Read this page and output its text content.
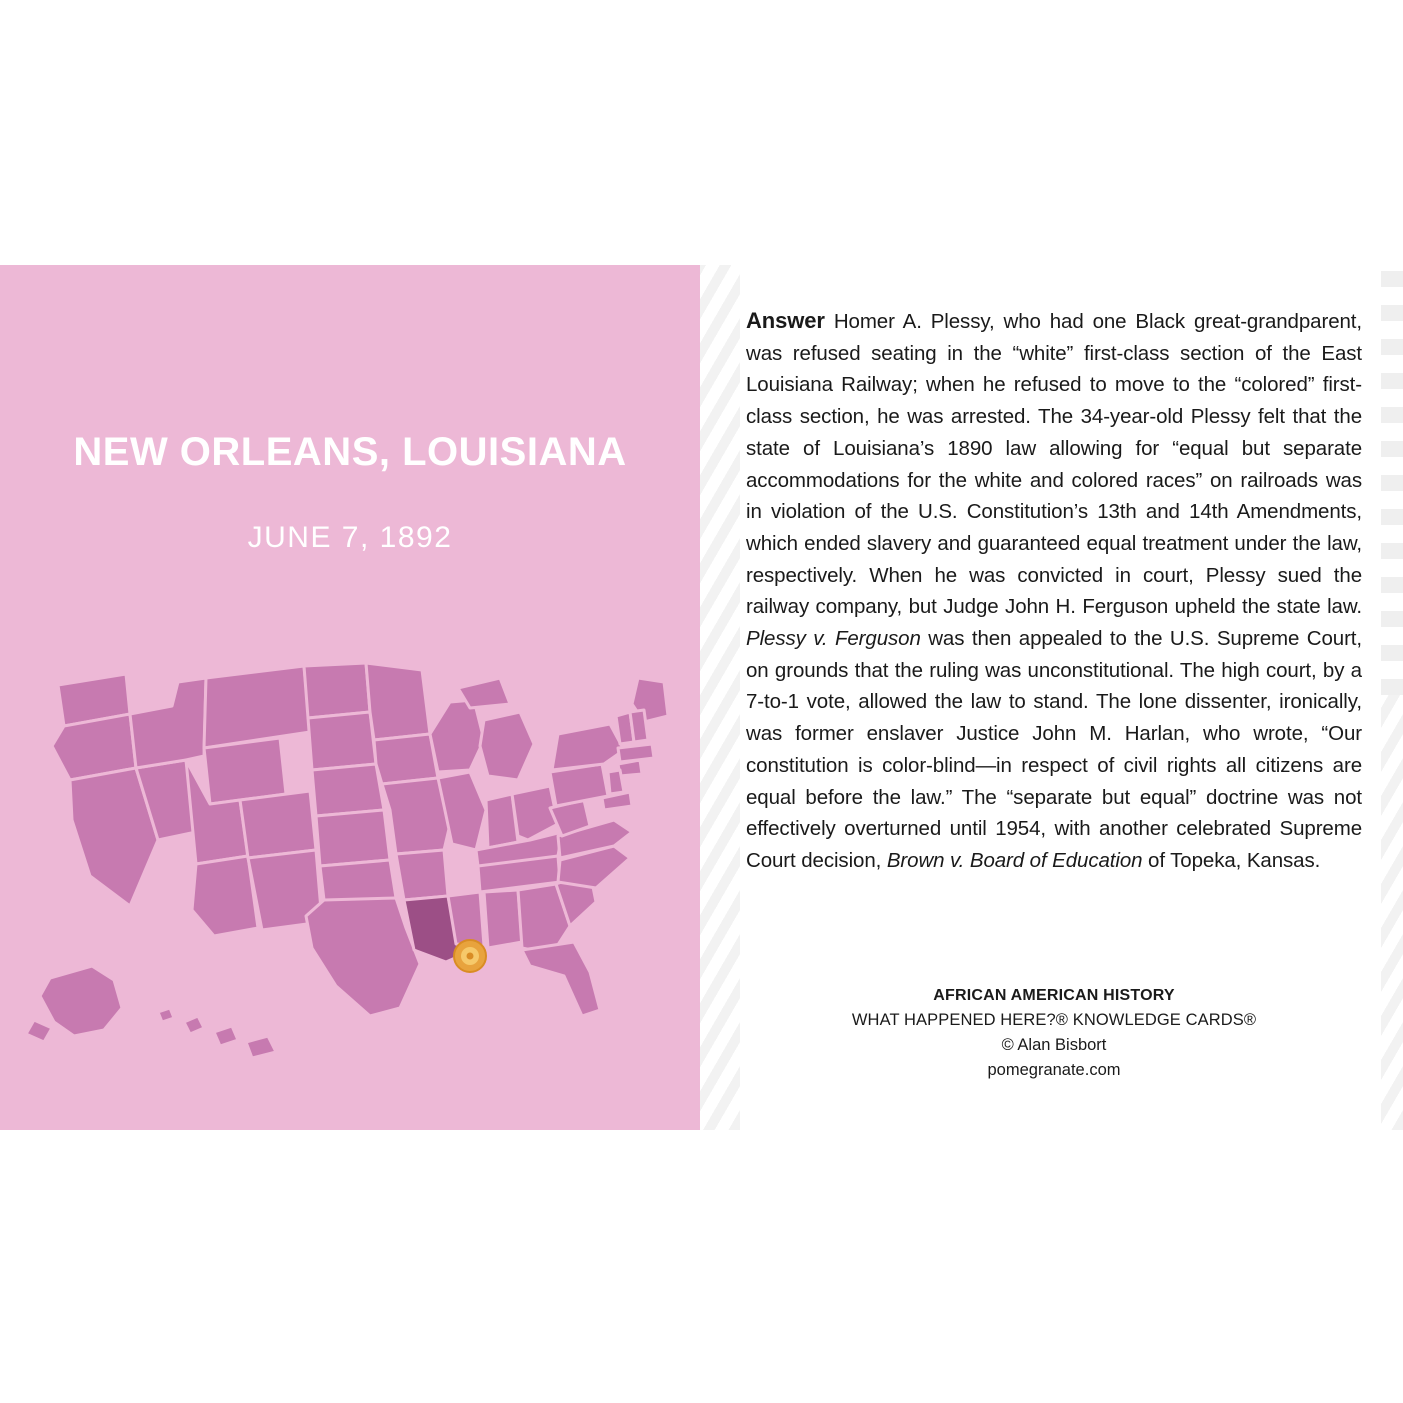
NEW ORLEANS, LOUISIANA
JUNE 7, 1892
Answer Homer A. Plessy, who had one Black great-grandparent, was refused seating in the “white” first-class section of the East Louisiana Railway; when he refused to move to the “colored” first-class section, he was arrested. The 34-year-old Plessy felt that the state of Louisiana’s 1890 law allowing for “equal but separate accommodations for the white and colored races” on railroads was in violation of the U.S. Constitution’s 13th and 14th Amendments, which ended slavery and guaranteed equal treatment under the law, respectively. When he was convicted in court, Plessy sued the railway company, but Judge John H. Ferguson upheld the state law. Plessy v. Ferguson was then appealed to the U.S. Supreme Court, on grounds that the ruling was unconstitutional. The high court, by a 7-to-1 vote, allowed the law to stand. The lone dissenter, ironically, was former enslaver Justice John M. Harlan, who wrote, “Our constitution is color-blind—in respect of civil rights all citizens are equal before the law.” The “separate but equal” doctrine was not effectively overturned until 1954, with another celebrated Supreme Court decision, Brown v. Board of Education of Topeka, Kansas.
AFRICAN AMERICAN HISTORY
WHAT HAPPENED HERE?® KNOWLEDGE CARDS®
© Alan Bisbort
pomegranate.com
